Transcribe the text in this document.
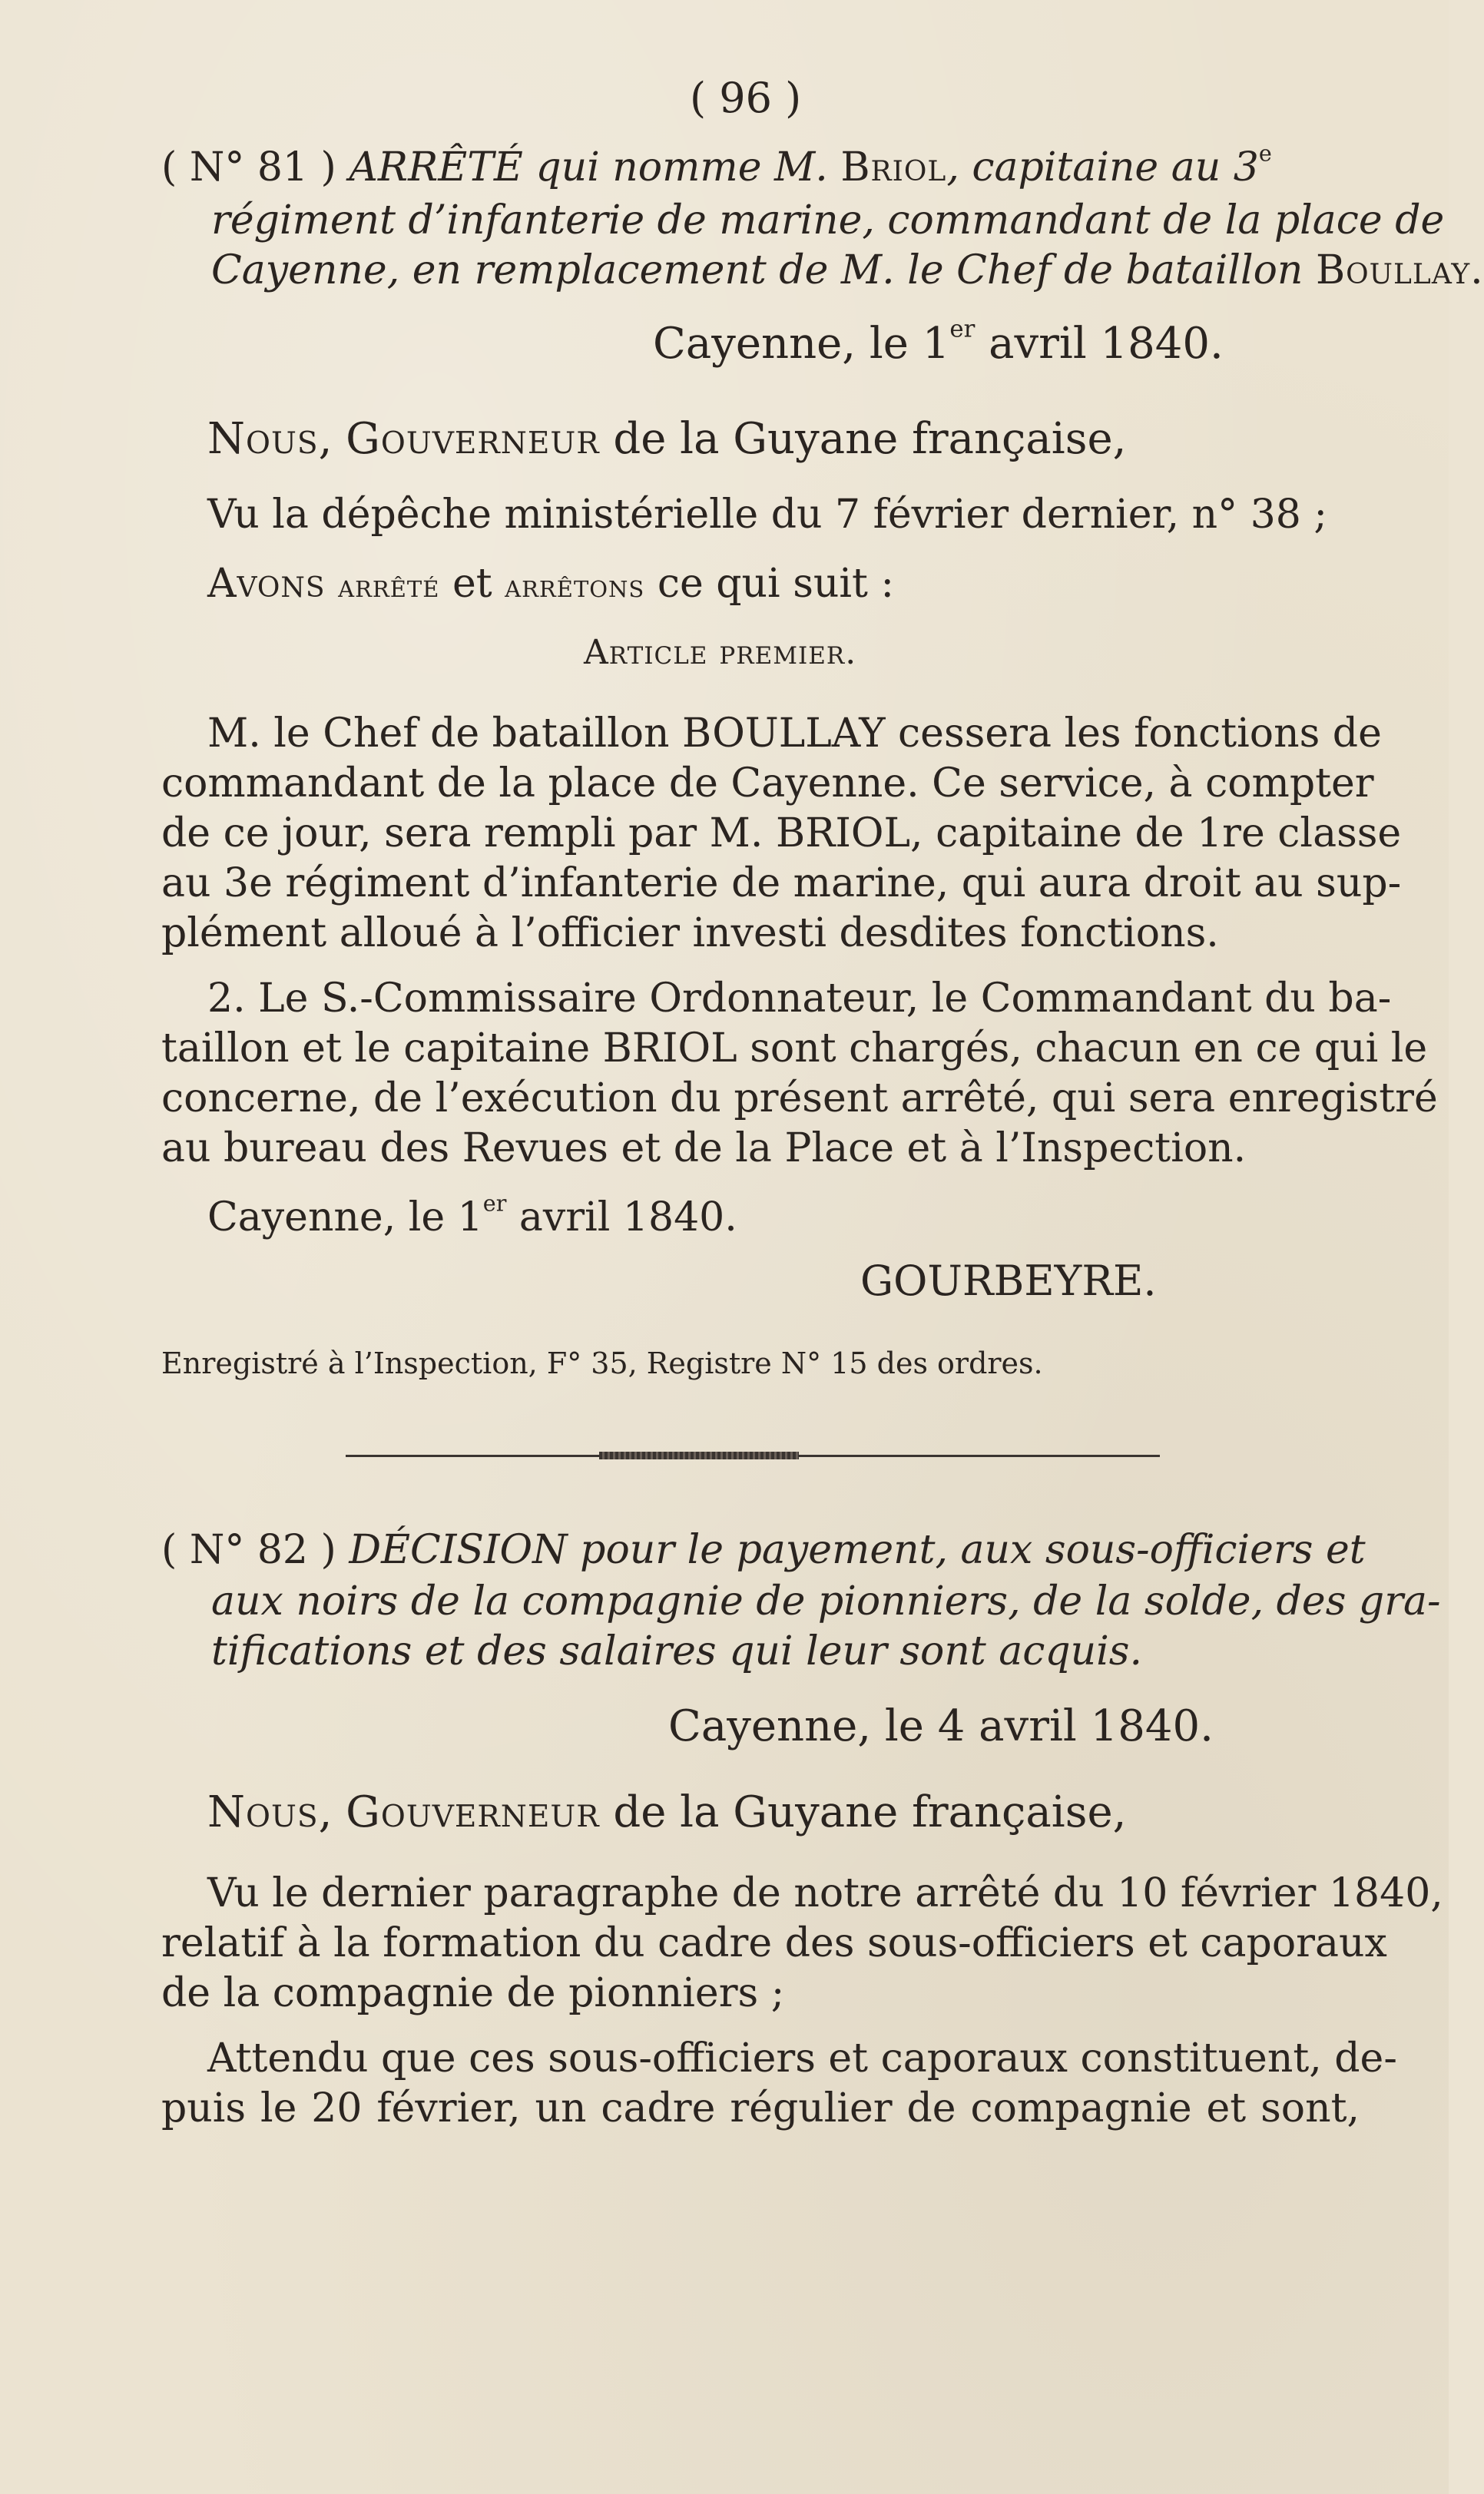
( 96 )
( N° 81 ) ARRÊTÉ qui nomme M. Briol, capitaine au 3e
régiment d’infanterie de marine, commandant de la place de
Cayenne, en remplacement de M. le Chef de bataillon Boullay.
Cayenne, le 1er avril 1840.
Nous, Gouverneur de la Guyane française,
Vu la dépêche ministérielle du 7 février dernier, n° 38 ;
Avons arrêté et arrêtons ce qui suit :
Article premier.
M. le Chef de bataillon BOULLAY cessera les fonctions de
commandant de la place de Cayenne. Ce service, à compter
de ce jour, sera rempli par M. BRIOL, capitaine de 1re classe
au 3e régiment d’infanterie de marine, qui aura droit au sup-
plément alloué à l’officier investi desdites fonctions.
2. Le S.-Commissaire Ordonnateur, le Commandant du ba-
taillon et le capitaine BRIOL sont chargés, chacun en ce qui le
concerne, de l’exécution du présent arrêté, qui sera enregistré
au bureau des Revues et de la Place et à l’Inspection.
Cayenne, le 1er avril 1840.
GOURBEYRE.
Enregistré à l’Inspection, F° 35, Registre N° 15 des ordres.
( N° 82 ) DÉCISION pour le payement, aux sous-officiers et
aux noirs de la compagnie de pionniers, de la solde, des gra-
tifications et des salaires qui leur sont acquis.
Cayenne, le 4 avril 1840.
Nous, Gouverneur de la Guyane française,
Vu le dernier paragraphe de notre arrêté du 10 février 1840,
relatif à la formation du cadre des sous-officiers et caporaux
de la compagnie de pionniers ;
Attendu que ces sous-officiers et caporaux constituent, de-
puis le 20 février, un cadre régulier de compagnie et sont,
